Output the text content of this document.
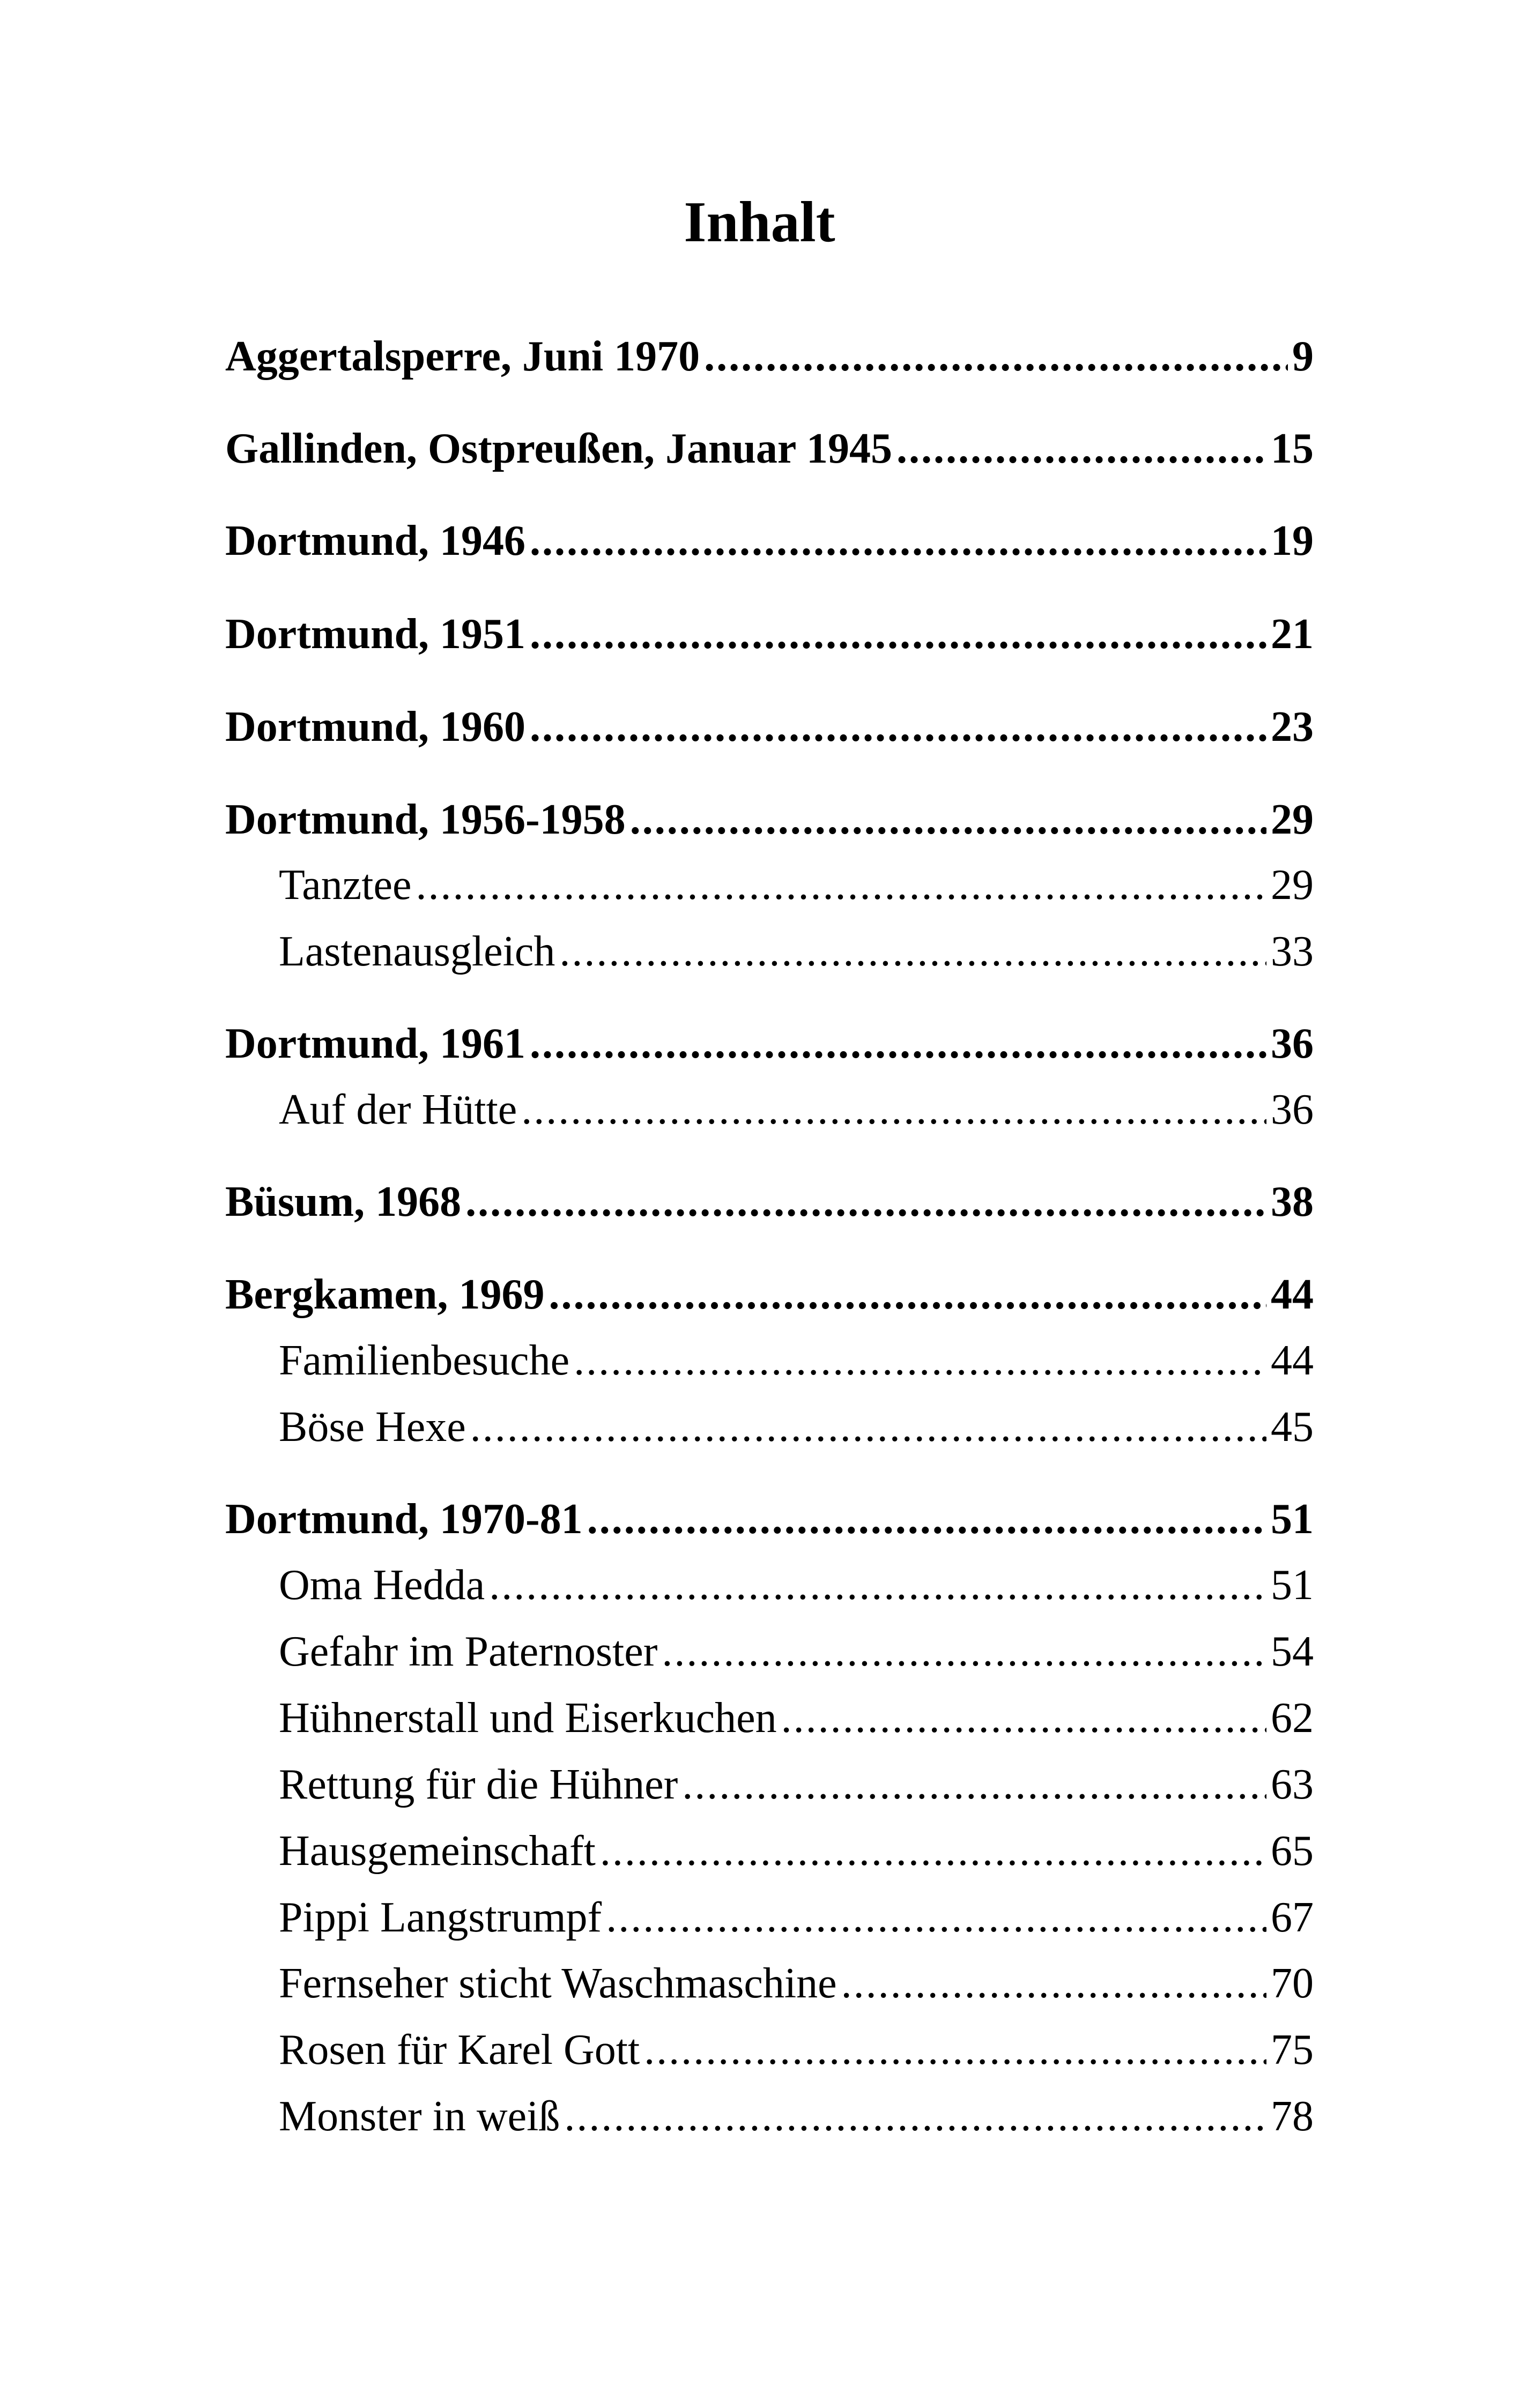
Inhalt
Aggertalsperre, Juni 1970 .....	9
Gallinden, Ostpreußen, Januar 1945 .....	15
Dortmund, 1946 .....	19
Dortmund, 1951 .....	21
Dortmund, 1960 .....	23
Dortmund, 1956-1958 .....	29
Tanztee .....	29
Lastenausgleich .....	33
Dortmund, 1961 .....	36
Auf der Hütte .....	36
Büsum, 1968 .....	38
Bergkamen, 1969 .....	44
Familienbesuche .....	44
Böse Hexe .....	45
Dortmund, 1970-81 .....	51
Oma Hedda .....	51
Gefahr im Paternoster .....	54
Hühnerstall und Eiserkuchen .....	62
Rettung für die Hühner .....	63
Hausgemeinschaft .....	65
Pippi Langstrumpf .....	67
Fernseher sticht Waschmaschine .....	70
Rosen für Karel Gott .....	75
Monster in weiß .....	78
